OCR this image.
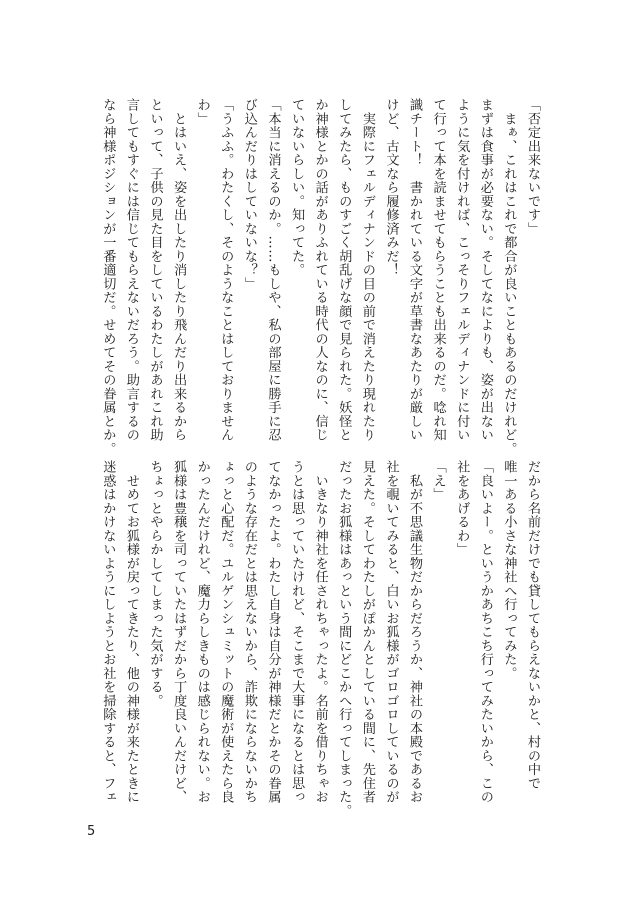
「否定出来ないです」
　まぁ、これはこれで都合が良いこともあるのだけれど。
まずは食事が必要ない。そしてなによりも、姿が出ない
ように気を付ければ、こっそりフェルディナンドに付い
て行って本を読ませてもらうことも出来るのだ。唸れ知
識チート！　書かれている文字が草書なあたりが厳しい
けど、古文なら履修済みだ！
　実際にフェルディナンドの目の前で消えたり現れたり
してみたら、ものすごく胡乱げな顔で見られた。妖怪と
か神様とかの話がありふれている時代の人なのに、信じ
ていないらしい。知ってた。
「本当に消えるのか。……もしや、私の部屋に勝手に忍
び込んだりはしていないな？」
「うふふ。わたくし、そのようなことはしておりません
わ」
　とはいえ、姿を出したり消したり飛んだり出来るから
といって、子供の見た目をしているわたしがあれこれ助
言してもすぐには信じてもらえないだろう。助言するの
なら神様ポジションが一番適切だ。せめてその眷属とか。
だから名前だけでも貸してもらえないかと、村の中で
唯一ある小さな神社へ行ってみた。
「良いよー。というかあちこち行ってみたいから、この
社をあげるわ」
「え」
　私が不思議生物だからだろうか、神社の本殿であるお
社を覗いてみると、白いお狐様がゴロゴロしているのが
見えた。そしてわたしがぽかんとしている間に、先住者
だったお狐様はあっという間にどこかへ行ってしまった。
　いきなり神社を任されちゃったよ。名前を借りちゃお
うとは思っていたけれど、そこまで大事になるとは思っ
てなかったよ。わたし自身は自分が神様だとかその眷属
のような存在だとは思えないから、詐欺にならないかち
ょっと心配だ。ユルゲンシュミットの魔術が使えたら良
かったんだけれど、魔力らしきものは感じられない。お
狐様は豊穣を司っていたはずだから丁度良いんだけど、
ちょっとやらかしてしまった気がする。
　せめてお狐様が戻ってきたり、他の神様が来たときに
迷惑はかけないようにしようとお社を掃除すると、フェ
5
